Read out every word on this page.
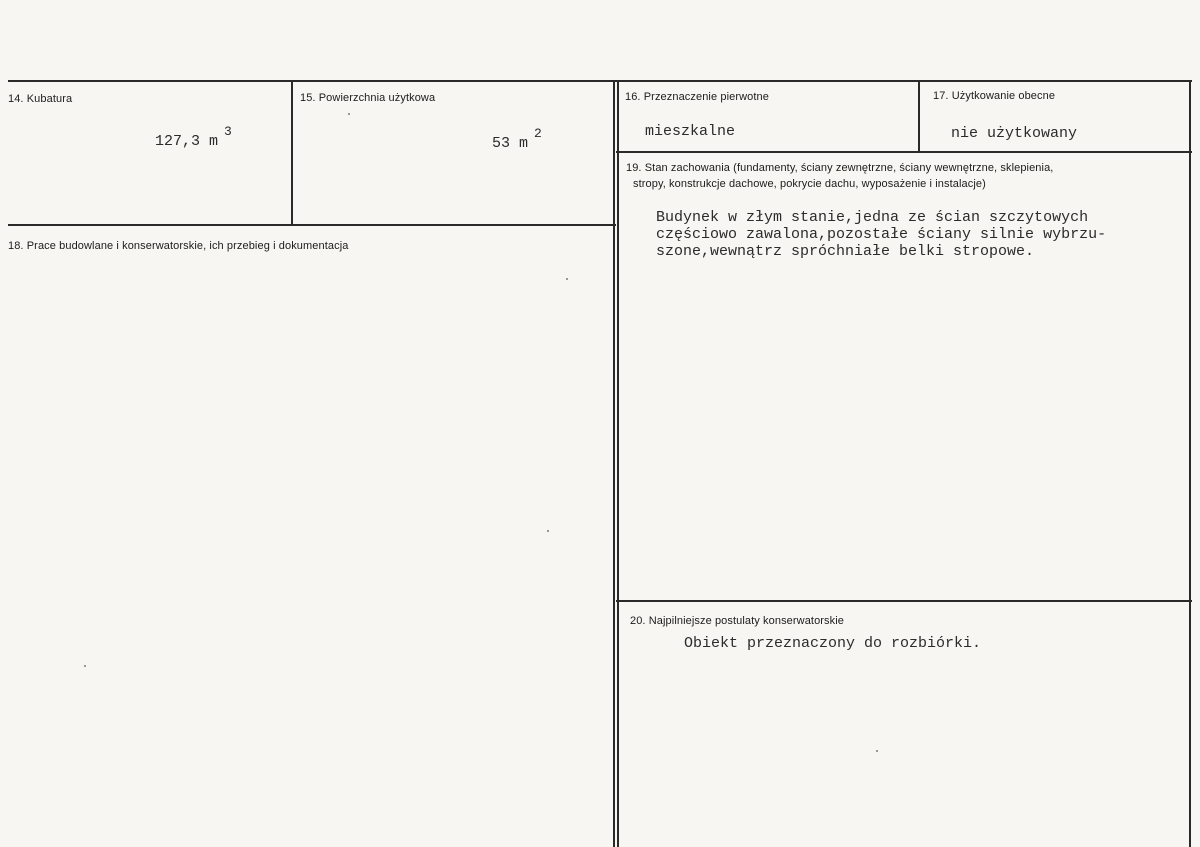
14. Kubatura
127,3 $m^3$
15. Powierzchnia użytkowa
53 $m^2$
16. Przeznaczenie pierwotne
mieszkalne
17. Użytkowanie obecne
nie użytkowany
18. Prace budowlane i konserwatorskie, ich przebieg i dokumentacja
19. Stan zachowania (fundamenty, ściany zewnętrzne, ściany wewnętrzne, sklepienia,
stropy, konstrukcje dachowe, pokrycie dachu, wyposażenie i instalacje)
Budynek w złym stanie,jedna ze ścian szczytowych
częściowo zawalona,pozostałe ściany silnie wybrzu-
szone,wewnątrz spróchniałe belki stropowe.
20. Najpilniejsze postulaty konserwatorskie
Obiekt przeznaczony do rozbiórki.
